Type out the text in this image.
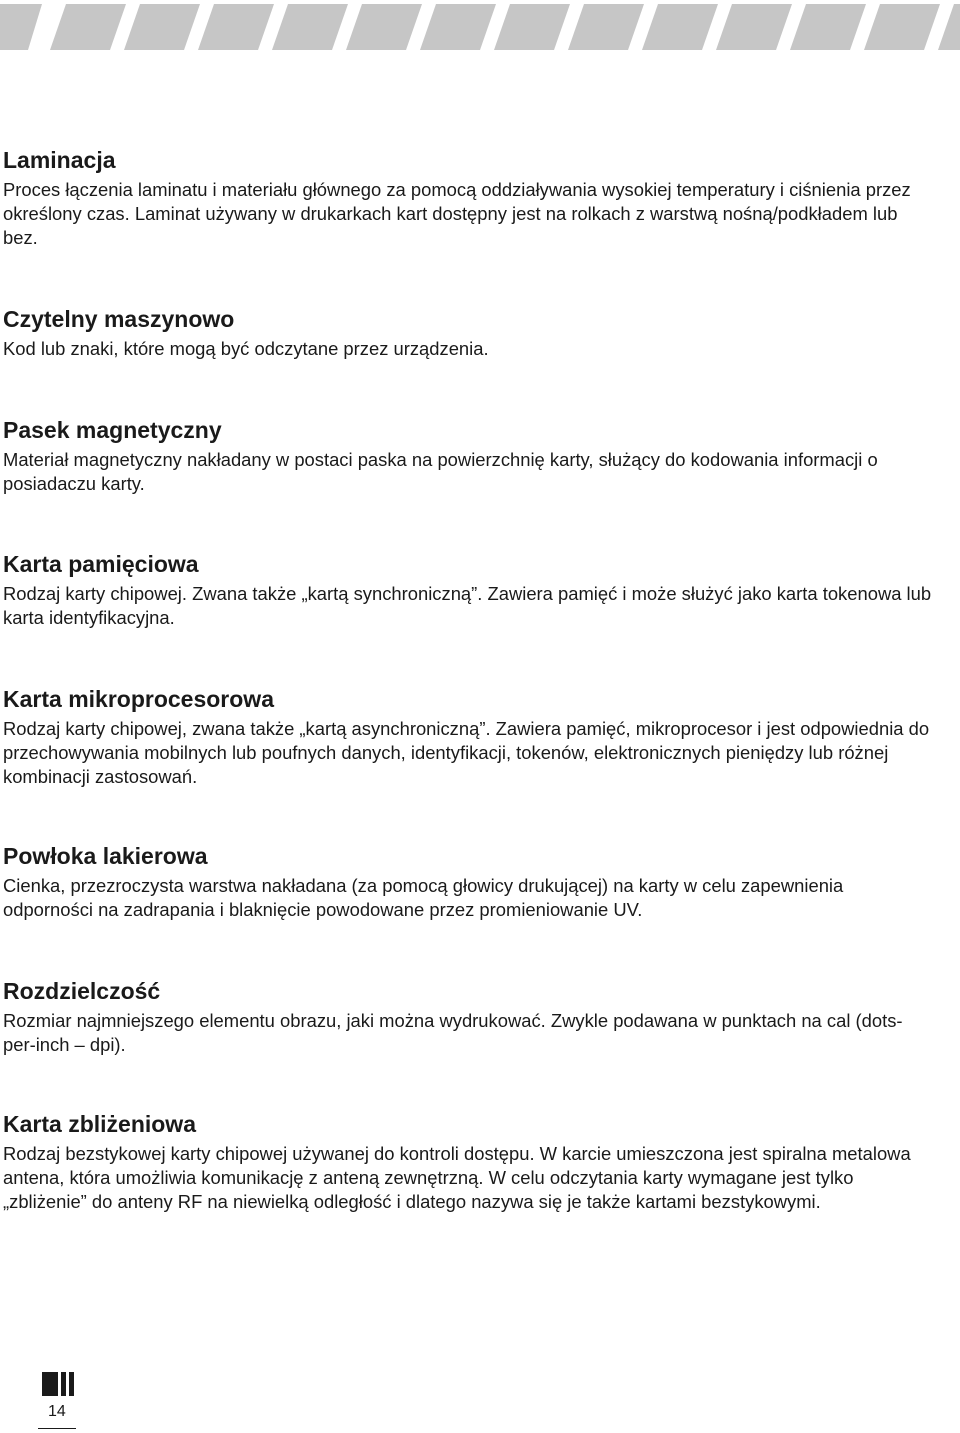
Laminacja

Proces łączenia laminatu i materiału głównego za pomocą oddziaływania wysokiej temperatury i ciśnienia przez określony czas. Laminat używany w drukarkach kart dostępny jest na rolkach z warstwą nośną/podkładem lub bez.

Czytelny maszynowo

Kod lub znaki, które mogą być odczytane przez urządzenia.

Pasek magnetyczny

Materiał magnetyczny nakładany w postaci paska na powierzchnię karty, służący do kodowania informacji o posiadaczu karty.

Karta pamięciowa

Rodzaj karty chipowej. Zwana także „kartą synchroniczną”. Zawiera pamięć i może służyć jako karta tokenowa lub karta identyfikacyjna.

Karta mikroprocesorowa

Rodzaj karty chipowej, zwana także „kartą asynchroniczną”. Zawiera pamięć, mikroprocesor i jest odpowiednia do przechowywania mobilnych lub poufnych danych, identyfikacji, tokenów, elektronicznych pieniędzy lub różnej kombinacji zastosowań.

Powłoka lakierowa

Cienka, przezroczysta warstwa nakładana (za pomocą głowicy drukującej) na karty w celu zapewnienia odporności na zadrapania i blaknięcie powodowane przez promieniowanie UV.

Rozdzielczość

Rozmiar najmniejszego elementu obrazu, jaki można wydrukować. Zwykle podawana w punktach na cal (dots-per-inch – dpi).

Karta zbliżeniowa

Rodzaj bezstykowej karty chipowej używanej do kontroli dostępu. W karcie umieszczona jest spiralna metalowa antena, która umożliwia komunikację z anteną zewnętrzną. W celu odczytania karty wymagane jest tylko „zbliżenie” do anteny RF na niewielką odległość i dlatego nazywa się je także kartami bezstykowymi.

14
